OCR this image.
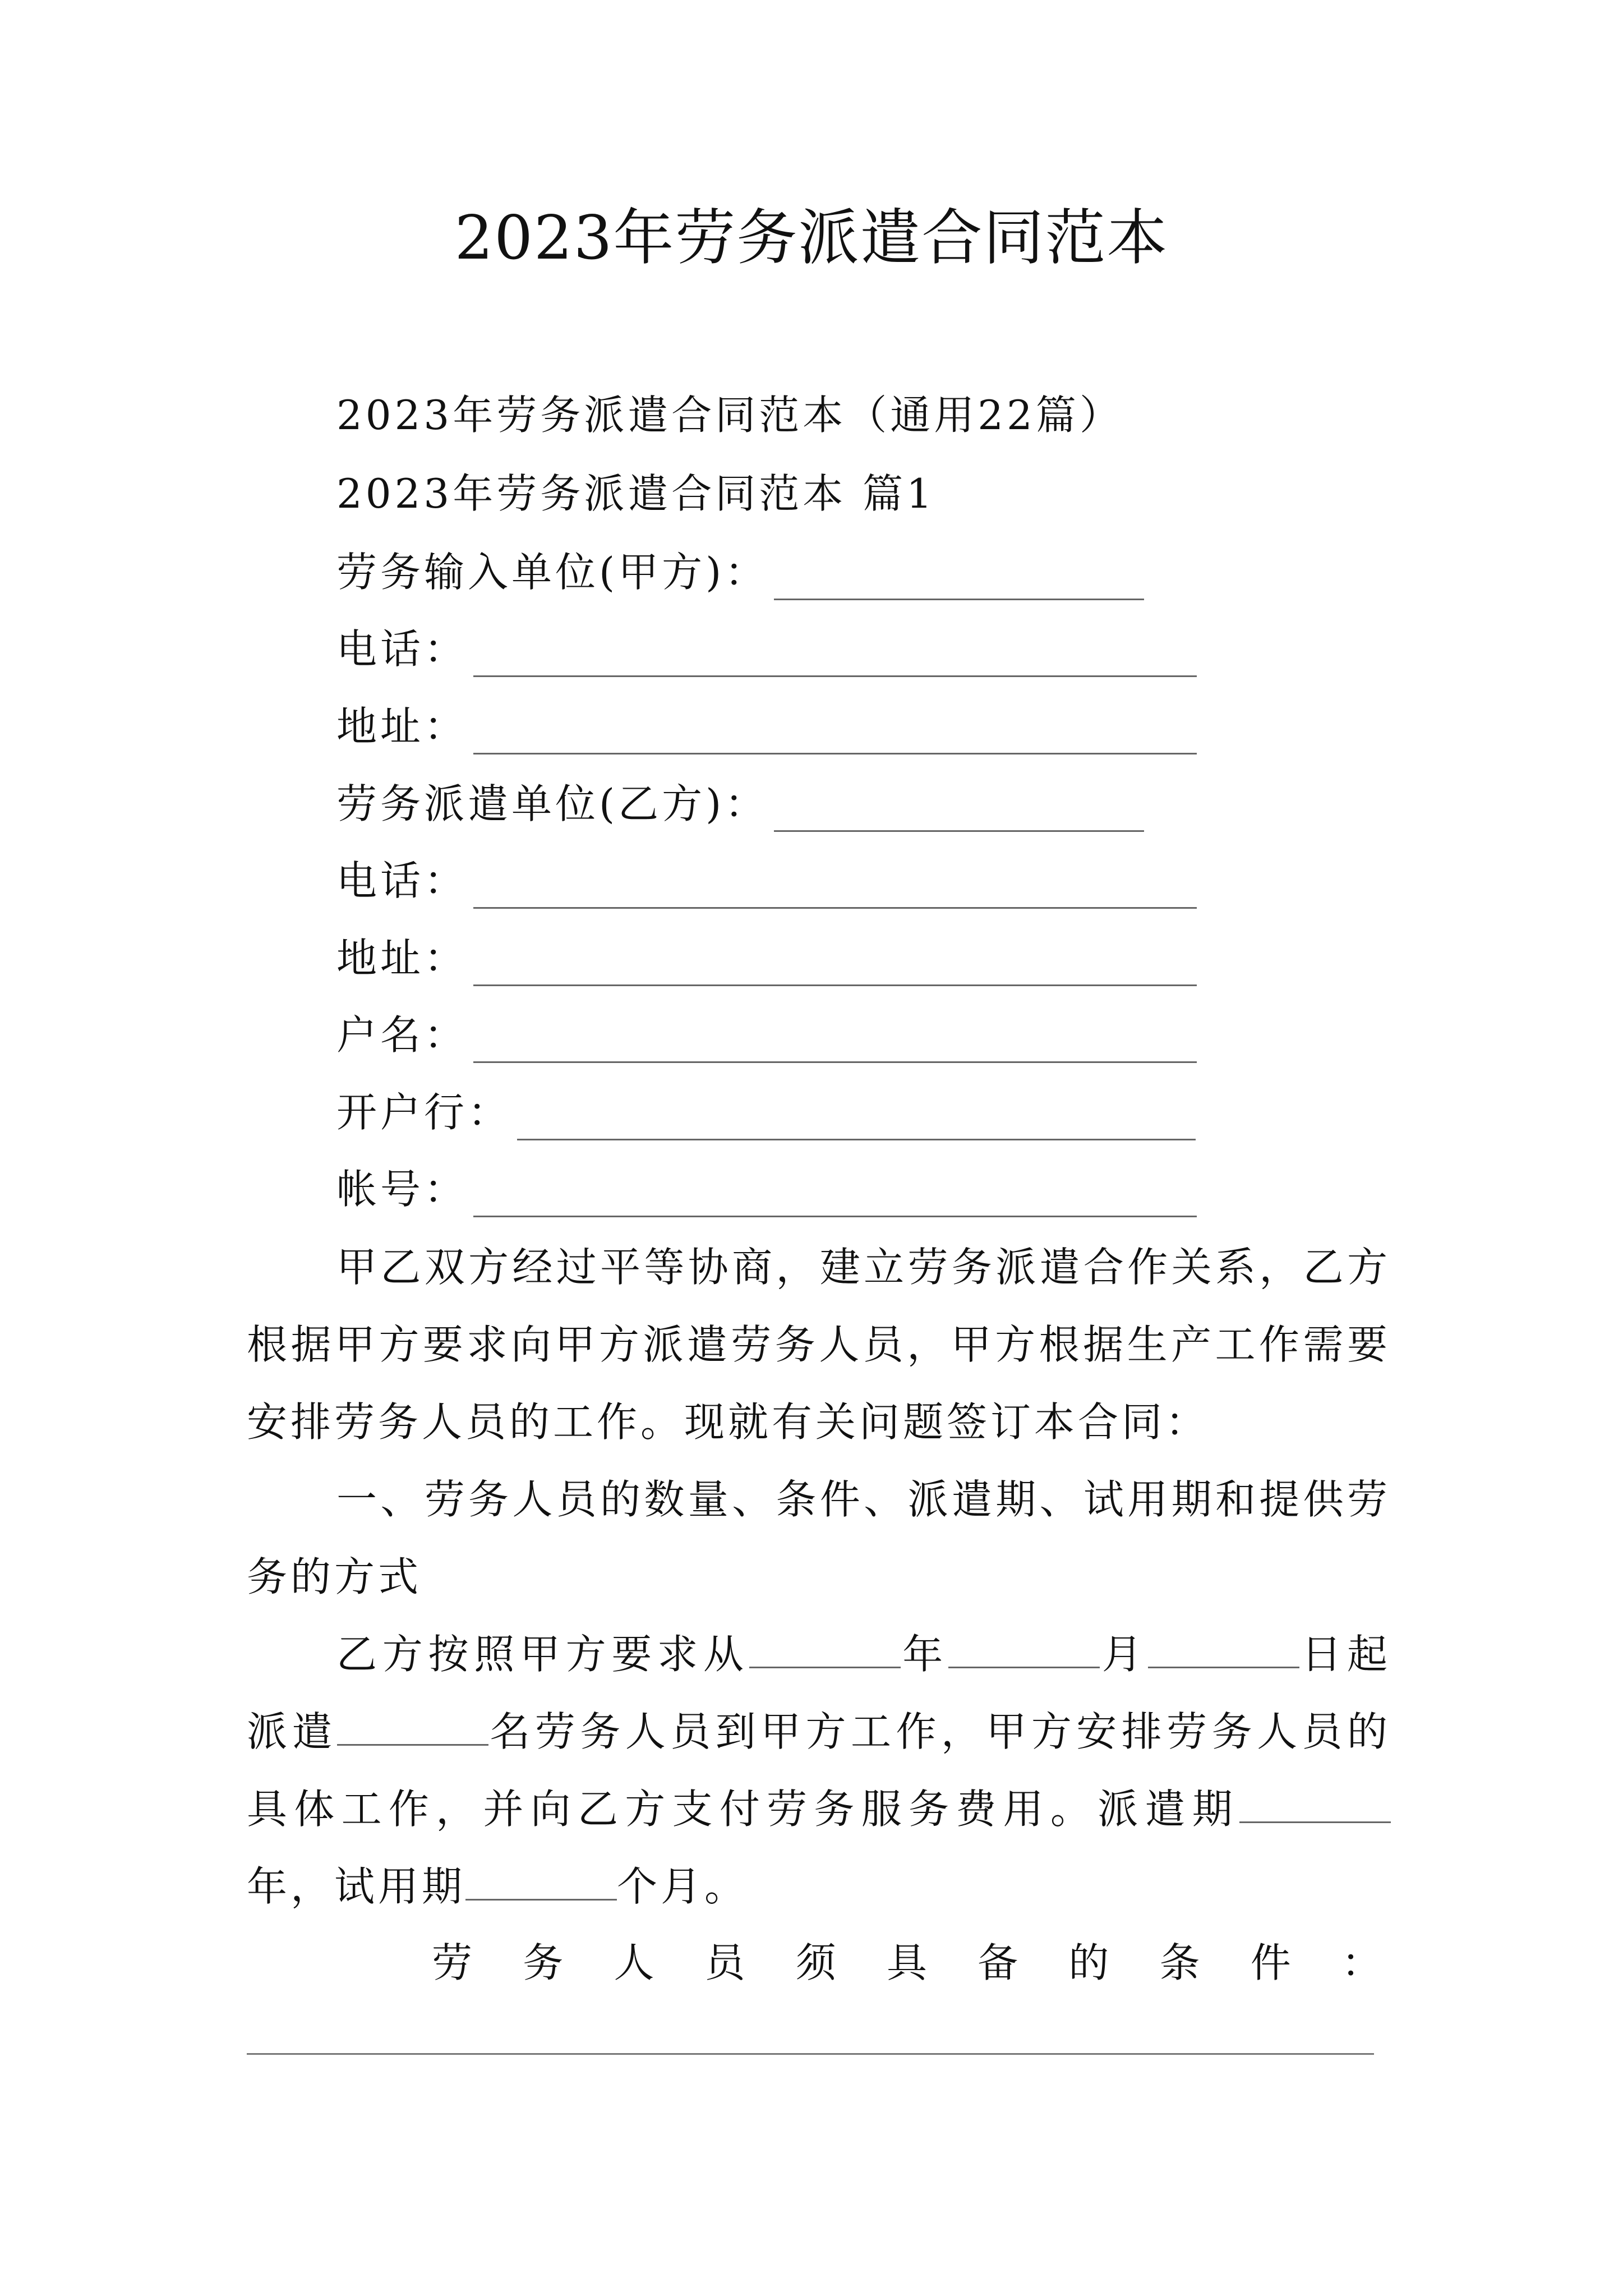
2023年劳务派遣合同范本
2023年劳务派遣合同范本（通用22篇）
2023年劳务派遣合同范本 篇1
劳务输入单位(甲方)：
电话：
地址：
劳务派遣单位(乙方)：
电话：
地址：
户名：
开户行：
帐号：
甲乙双方经过平等协商，建立劳务派遣合作关系，乙方根据甲方要求向甲方派遣劳务人员，甲方根据生产工作需要安排劳务人员的工作。现就有关问题签订本合同：
一、劳务人员的数量、条件、派遣期、试用期和提供劳务的方式
乙方按照甲方要求从	年	月	日起派遣	名劳务人员到甲方工作，甲方安排劳务人员的具体工作，并向乙方支付劳务服务费用。派遣期年，试用期	个月。
劳 务 人 员 须 具 备 的 条 件 ：
